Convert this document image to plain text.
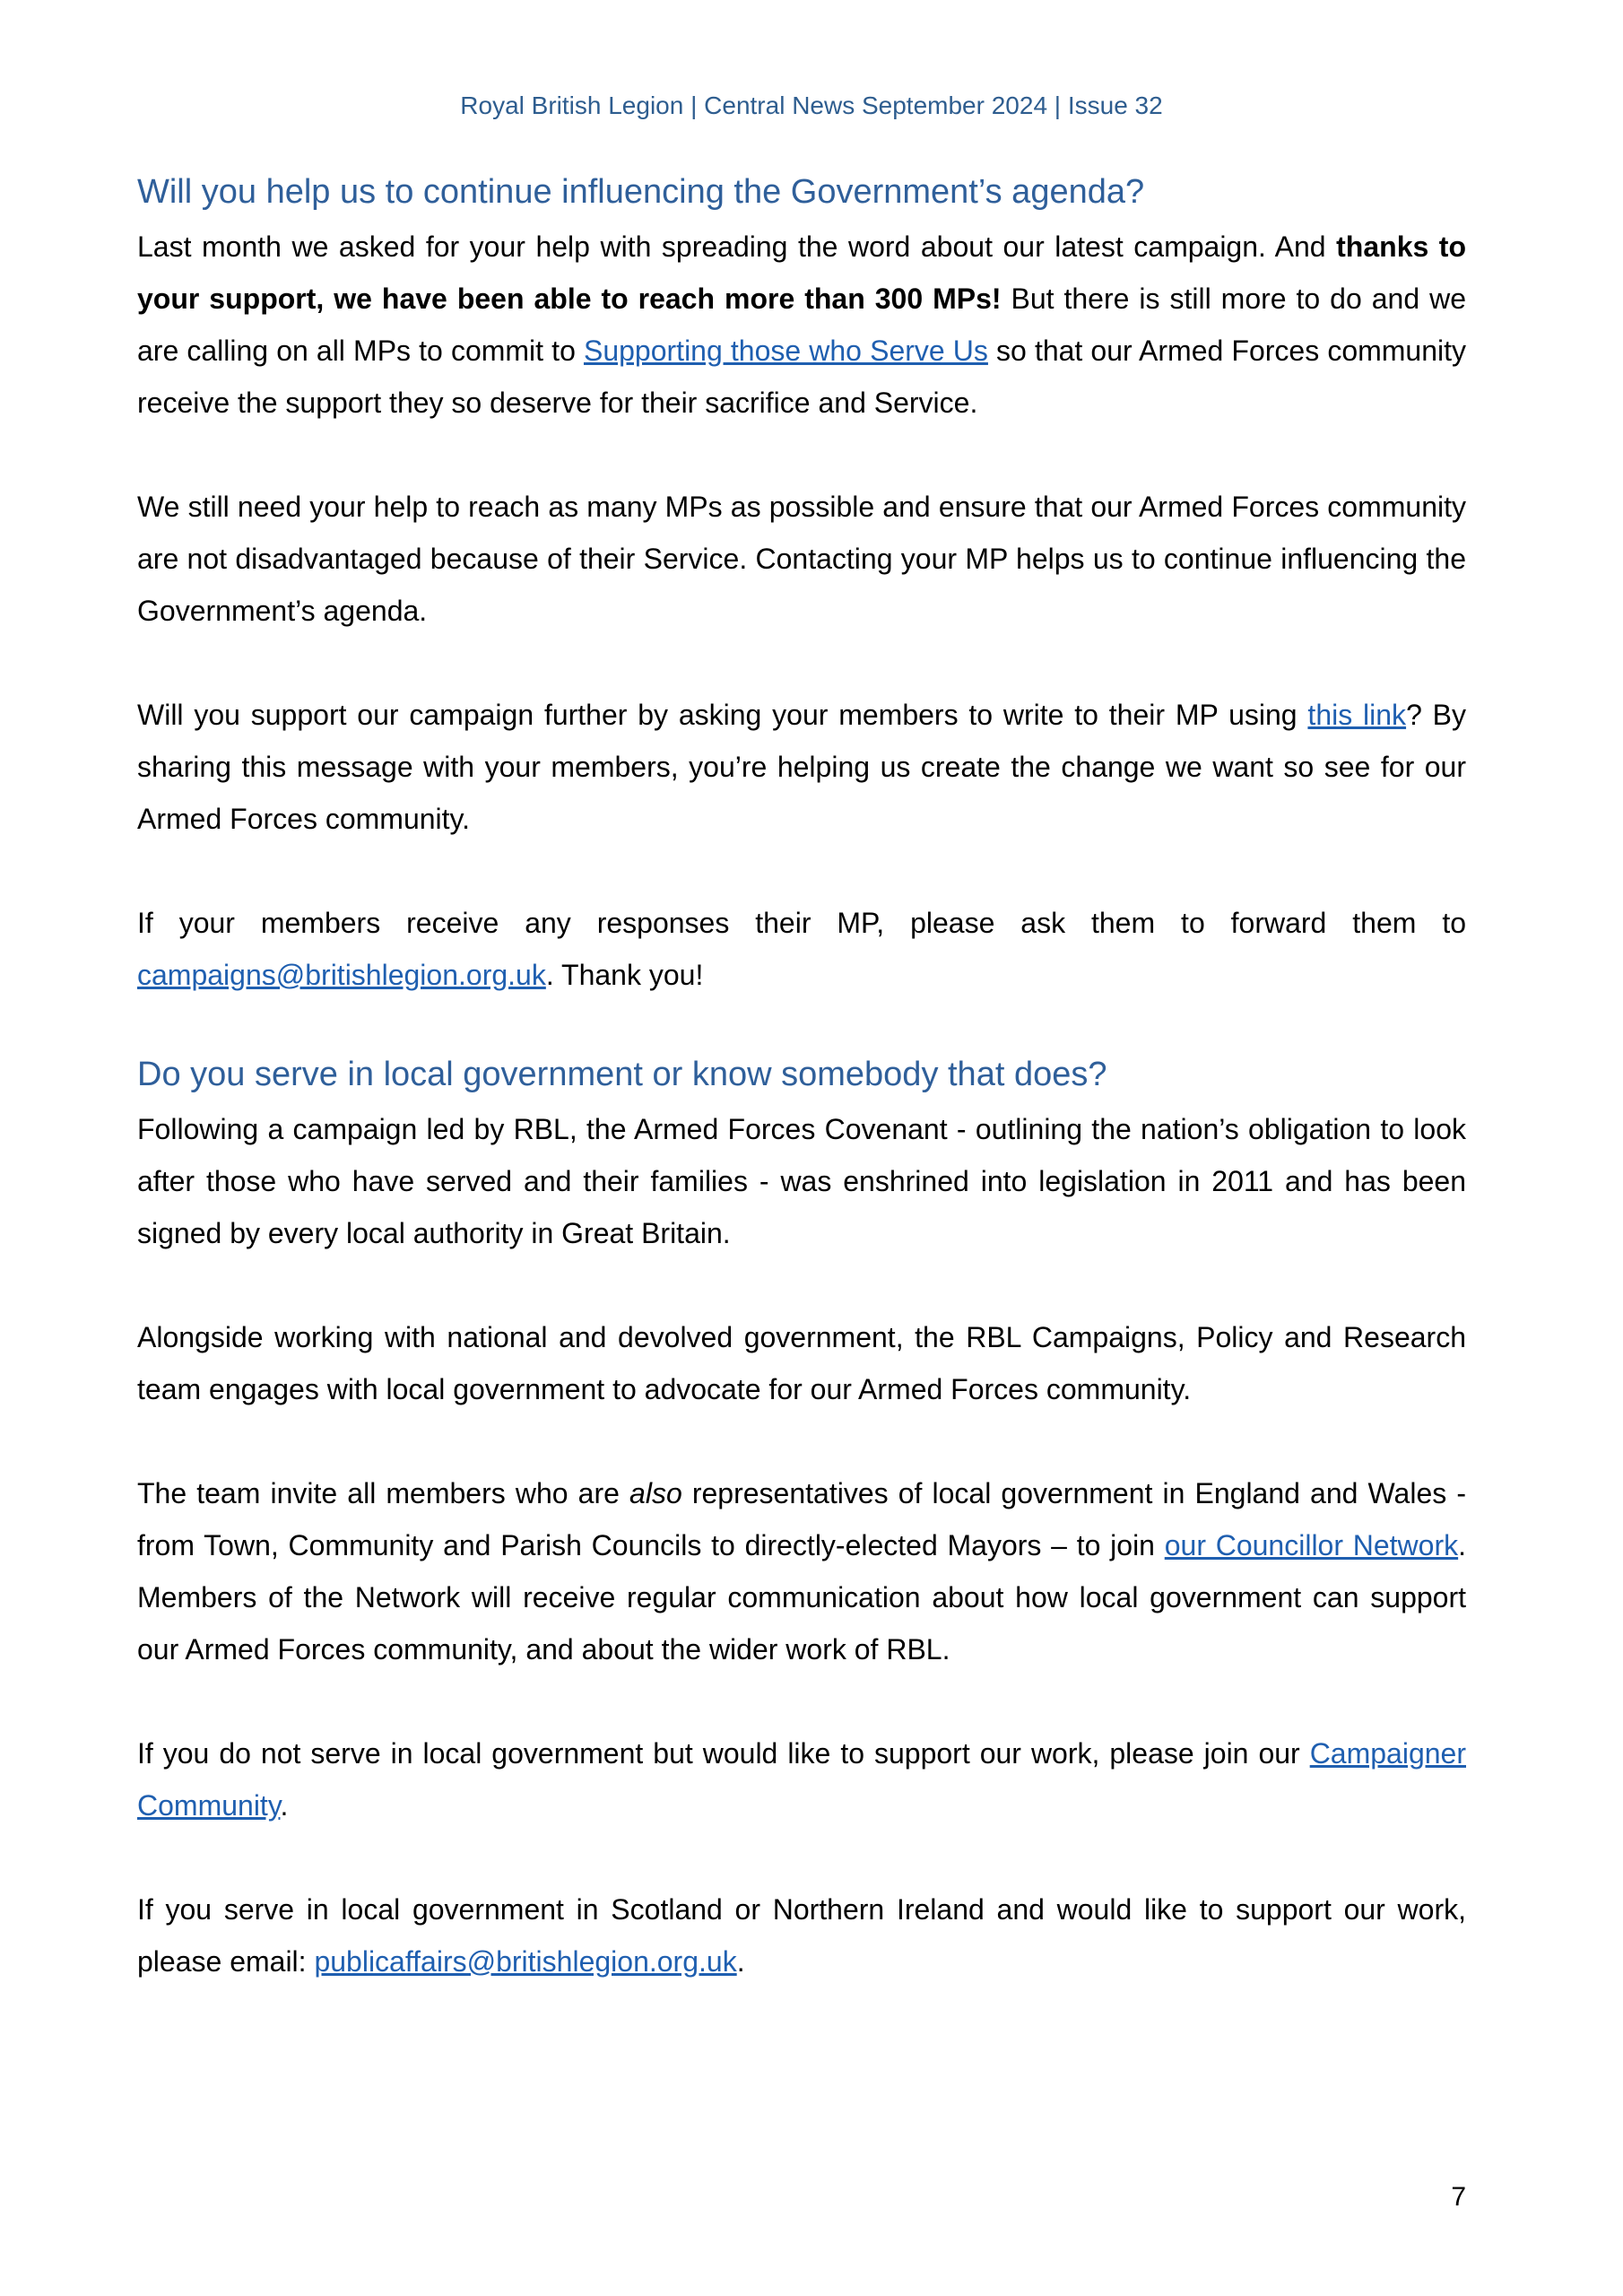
Royal British Legion | Central News September 2024 | Issue 32
Will you help us to continue influencing the Government’s agenda?

Last month we asked for your help with spreading the word about our latest campaign. And thanks to your support, we have been able to reach more than 300 MPs! But there is still more to do and we are calling on all MPs to commit to Supporting those who Serve Us so that our Armed Forces community receive the support they so deserve for their sacrifice and Service.

We still need your help to reach as many MPs as possible and ensure that our Armed Forces community are not disadvantaged because of their Service. Contacting your MP helps us to continue influencing the Government’s agenda.

Will you support our campaign further by asking your members to write to their MP using this link? By sharing this message with your members, you’re helping us create the change we want so see for our Armed Forces community.

If your members receive any responses their MP, please ask them to forward them to campaigns@britishlegion.org.uk. Thank you!

Do you serve in local government or know somebody that does?

Following a campaign led by RBL, the Armed Forces Covenant - outlining the nation’s obligation to look after those who have served and their families - was enshrined into legislation in 2011 and has been signed by every local authority in Great Britain.

Alongside working with national and devolved government, the RBL Campaigns, Policy and Research team engages with local government to advocate for our Armed Forces community.

The team invite all members who are also representatives of local government in England and Wales - from Town, Community and Parish Councils to directly-elected Mayors – to join our Councillor Network. Members of the Network will receive regular communication about how local government can support our Armed Forces community, and about the wider work of RBL.

If you do not serve in local government but would like to support our work, please join our Campaigner Community.

If you serve in local government in Scotland or Northern Ireland and would like to support our work, please email: publicaffairs@britishlegion.org.uk.

7
